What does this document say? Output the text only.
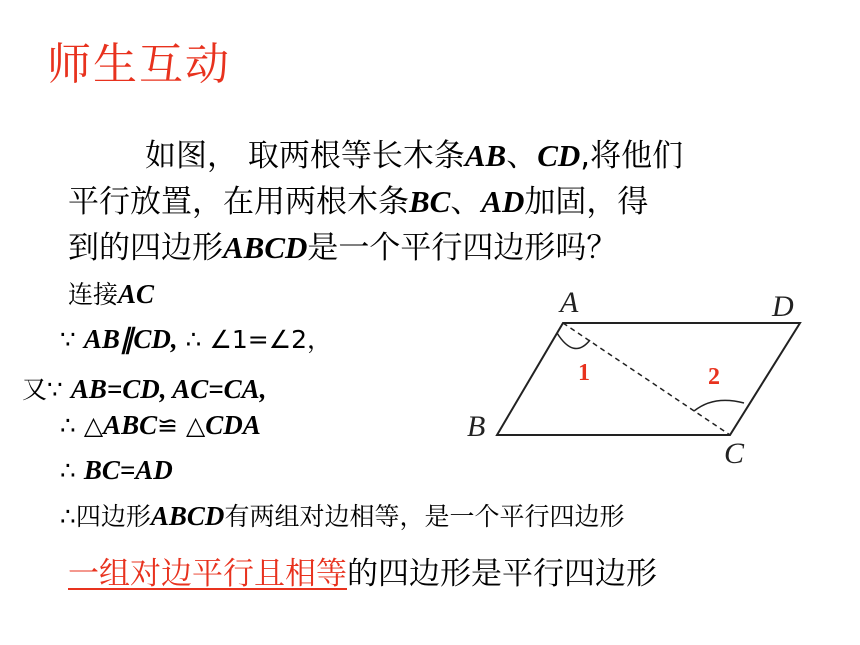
师生互动
如图， 取两根等长木条AB、CD,将他们
平行放置，在用两根木条BC、AD加固，得
到的四边形ABCD是一个平行四边形吗？
连接AC
∵ AB∥CD, ∴ ∠1=∠2，
又∵ AB=CD, AC=CA,
∴ △ABC≌ △CDA
∴ BC=AD
∴四边形ABCD有两组对边相等，是一个平行四边形
一组对边平行且相等的四边形是平行四边形
A	D
B
C
1	2
